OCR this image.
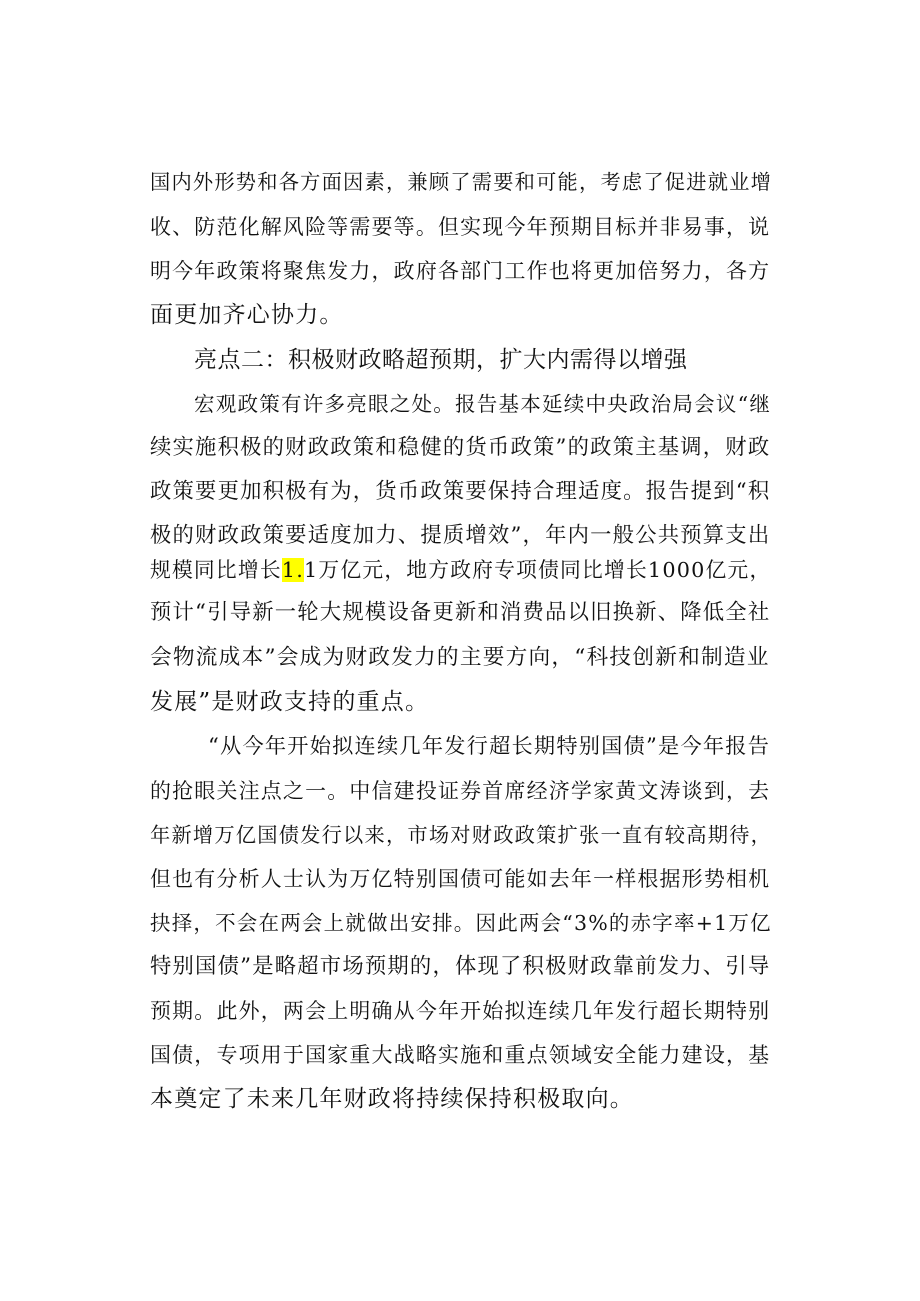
国内外形势和各方面因素，兼顾了需要和可能，考虑了促进就业增
收、防范化解风险等需要等。但实现今年预期目标并非易事，说
明今年政策将聚焦发力，政府各部门工作也将更加倍努力，各方
面更加齐心协力。
亮点二：积极财政略超预期，扩大内需得以增强
宏观政策有许多亮眼之处。报告基本延续中央政治局会议“继
续实施积极的财政政策和稳健的货币政策”的政策主基调，财政
政策要更加积极有为，货币政策要保持合理适度。报告提到“积
极的财政政策要适度加力、提质增效”，年内一般公共预算支出
规模同比增长1.1万亿元，地方政府专项债同比增长1000亿元，
预计“引导新一轮大规模设备更新和消费品以旧换新、降低全社
会物流成本”会成为财政发力的主要方向，“科技创新和制造业
发展”是财政支持的重点。
“从今年开始拟连续几年发行超长期特别国债”是今年报告
的抢眼关注点之一。中信建投证券首席经济学家黄文涛谈到，去
年新增万亿国债发行以来，市场对财政政策扩张一直有较高期待，
但也有分析人士认为万亿特别国债可能如去年一样根据形势相机
抉择，不会在两会上就做出安排。因此两会“3%的赤字率+1万亿
特别国债”是略超市场预期的，体现了积极财政靠前发力、引导
预期。此外，两会上明确从今年开始拟连续几年发行超长期特别
国债，专项用于国家重大战略实施和重点领域安全能力建设，基
本奠定了未来几年财政将持续保持积极取向。
